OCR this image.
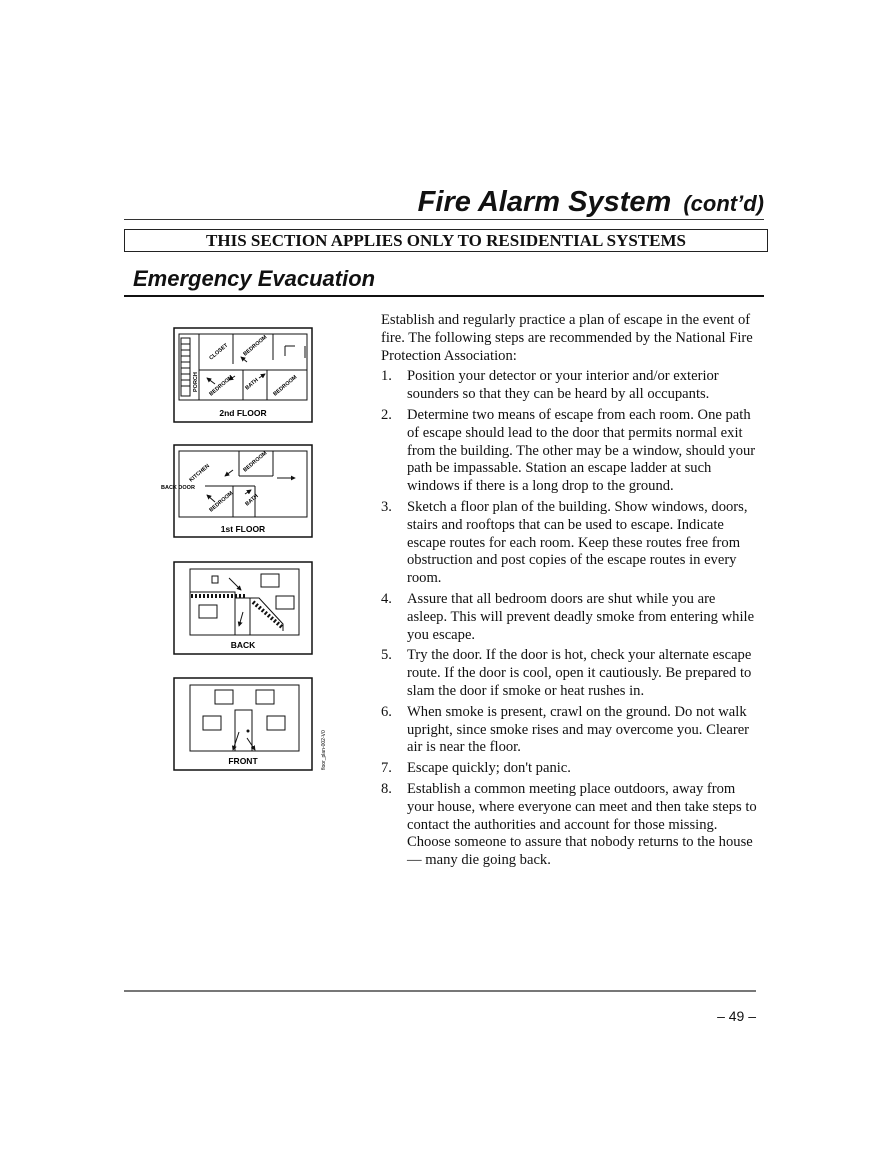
Fire Alarm System (cont’d)
THIS SECTION APPLIES ONLY TO RESIDENTIAL SYSTEMS
Emergency Evacuation
CLOSET BEDROOM
PORCH BEDROOM BATH BEDROOM
2nd FLOOR
KITCHEN	BEDROOM
BACK DOOR
BEDROOM BATH
1st FLOOR
BACK
FRONT	floor_plan-002-V0

Establish and regularly practice a plan of escape in the event of fire. The following steps are recommended by the National Fire Protection Association:

1. Position your detector or your interior and/or exterior sounders so that they can be heard by all occupants.
2. Determine two means of escape from each room. One path of escape should lead to the door that permits normal exit from the building. The other may be a window, should your path be impassable. Station an escape ladder at such windows if there is a long drop to the ground.
3. Sketch a floor plan of the building. Show windows, doors, stairs and rooftops that can be used to escape. Indicate escape routes for each room. Keep these routes free from obstruction and post copies of the escape routes in every room.
4. Assure that all bedroom doors are shut while you are asleep. This will prevent deadly smoke from entering while you escape.
5. Try the door. If the door is hot, check your alternate escape route. If the door is cool, open it cautiously. Be prepared to slam the door if smoke or heat rushes in.
6. When smoke is present, crawl on the ground. Do not walk upright, since smoke rises and may overcome you. Clearer air is near the floor.
7. Escape quickly; don't panic.
8. Establish a common meeting place outdoors, away from your house, where everyone can meet and then take steps to contact the authorities and account for those missing. Choose someone to assure that nobody returns to the house — many die going back.
– 49 –
